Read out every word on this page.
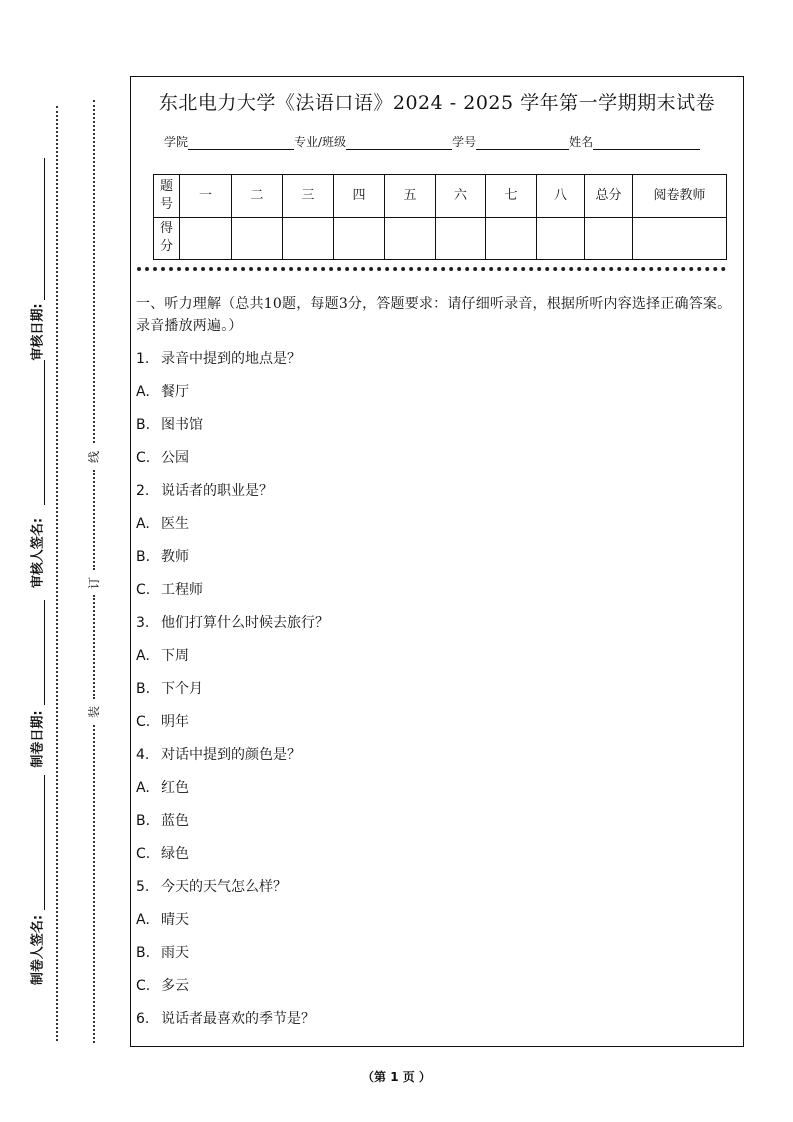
审核日期:
审核人签名:
制卷日期:
制卷人签名:
线
订
装
东北电力大学《法语口语》2024 - 2025 学年第一学期期末试卷
学院	专业/班级	学号	姓名
题号	一	二	三	四	五	六	七	八	总分	阅卷教师
得分										
一、听力理解（总共10题，每题3分，答题要求：请仔细听录音，根据所听内容选择正确答案。录音播放两遍。）
1. 录音中提到的地点是？
A. 餐厅
B. 图书馆
C. 公园
2. 说话者的职业是？
A. 医生
B. 教师
C. 工程师
3. 他们打算什么时候去旅行？
A. 下周
B. 下个月
C. 明年
4. 对话中提到的颜色是？
A. 红色
B. 蓝色
C. 绿色
5. 今天的天气怎么样？
A. 晴天
B. 雨天
C. 多云
6. 说话者最喜欢的季节是？
（第 1 页 ）
